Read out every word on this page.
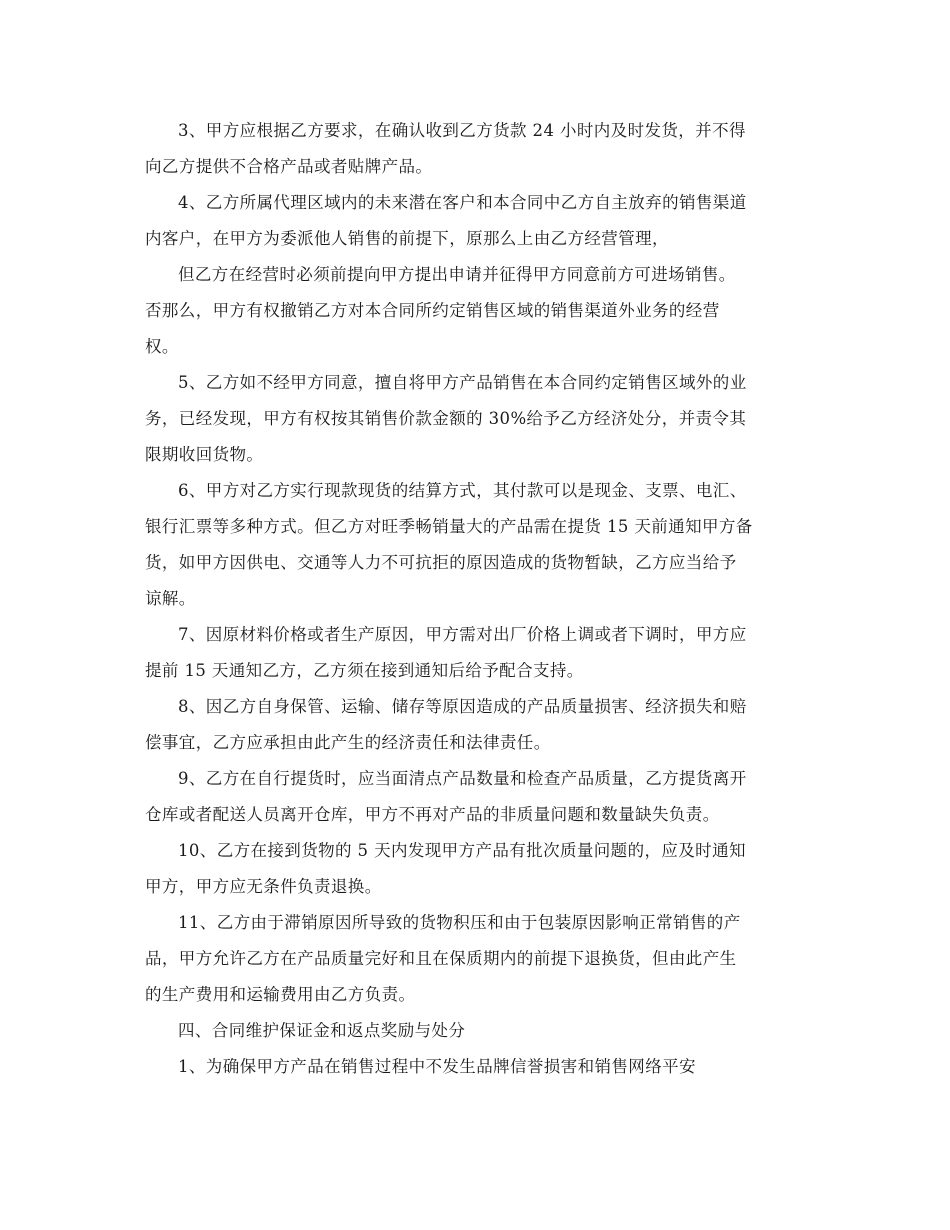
3、甲方应根据乙方要求，在确认收到乙方货款 24 小时内及时发货，并不得
向乙方提供不合格产品或者贴牌产品。
4、乙方所属代理区域内的未来潜在客户和本合同中乙方自主放弃的销售渠道
内客户，在甲方为委派他人销售的前提下，原那么上由乙方经营管理，
但乙方在经营时必须前提向甲方提出申请并征得甲方同意前方可进场销售。
否那么，甲方有权撤销乙方对本合同所约定销售区域的销售渠道外业务的经营
权。
5、乙方如不经甲方同意，擅自将甲方产品销售在本合同约定销售区域外的业
务，已经发现，甲方有权按其销售价款金额的 30%给予乙方经济处分，并责令其
限期收回货物。
6、甲方对乙方实行现款现货的结算方式，其付款可以是现金、支票、电汇、
银行汇票等多种方式。但乙方对旺季畅销量大的产品需在提货 15 天前通知甲方备
货，如甲方因供电、交通等人力不可抗拒的原因造成的货物暂缺，乙方应当给予
谅解。
7、因原材料价格或者生产原因，甲方需对出厂价格上调或者下调时，甲方应
提前 15 天通知乙方，乙方须在接到通知后给予配合支持。
8、因乙方自身保管、运输、储存等原因造成的产品质量损害、经济损失和赔
偿事宜，乙方应承担由此产生的经济责任和法律责任。
9、乙方在自行提货时，应当面清点产品数量和检查产品质量，乙方提货离开
仓库或者配送人员离开仓库，甲方不再对产品的非质量问题和数量缺失负责。
10、乙方在接到货物的 5 天内发现甲方产品有批次质量问题的，应及时通知
甲方，甲方应无条件负责退换。
11、乙方由于滞销原因所导致的货物积压和由于包装原因影响正常销售的产
品，甲方允许乙方在产品质量完好和且在保质期内的前提下退换货，但由此产生
的生产费用和运输费用由乙方负责。
四、合同维护保证金和返点奖励与处分
1、为确保甲方产品在销售过程中不发生品牌信誉损害和销售网络平安
